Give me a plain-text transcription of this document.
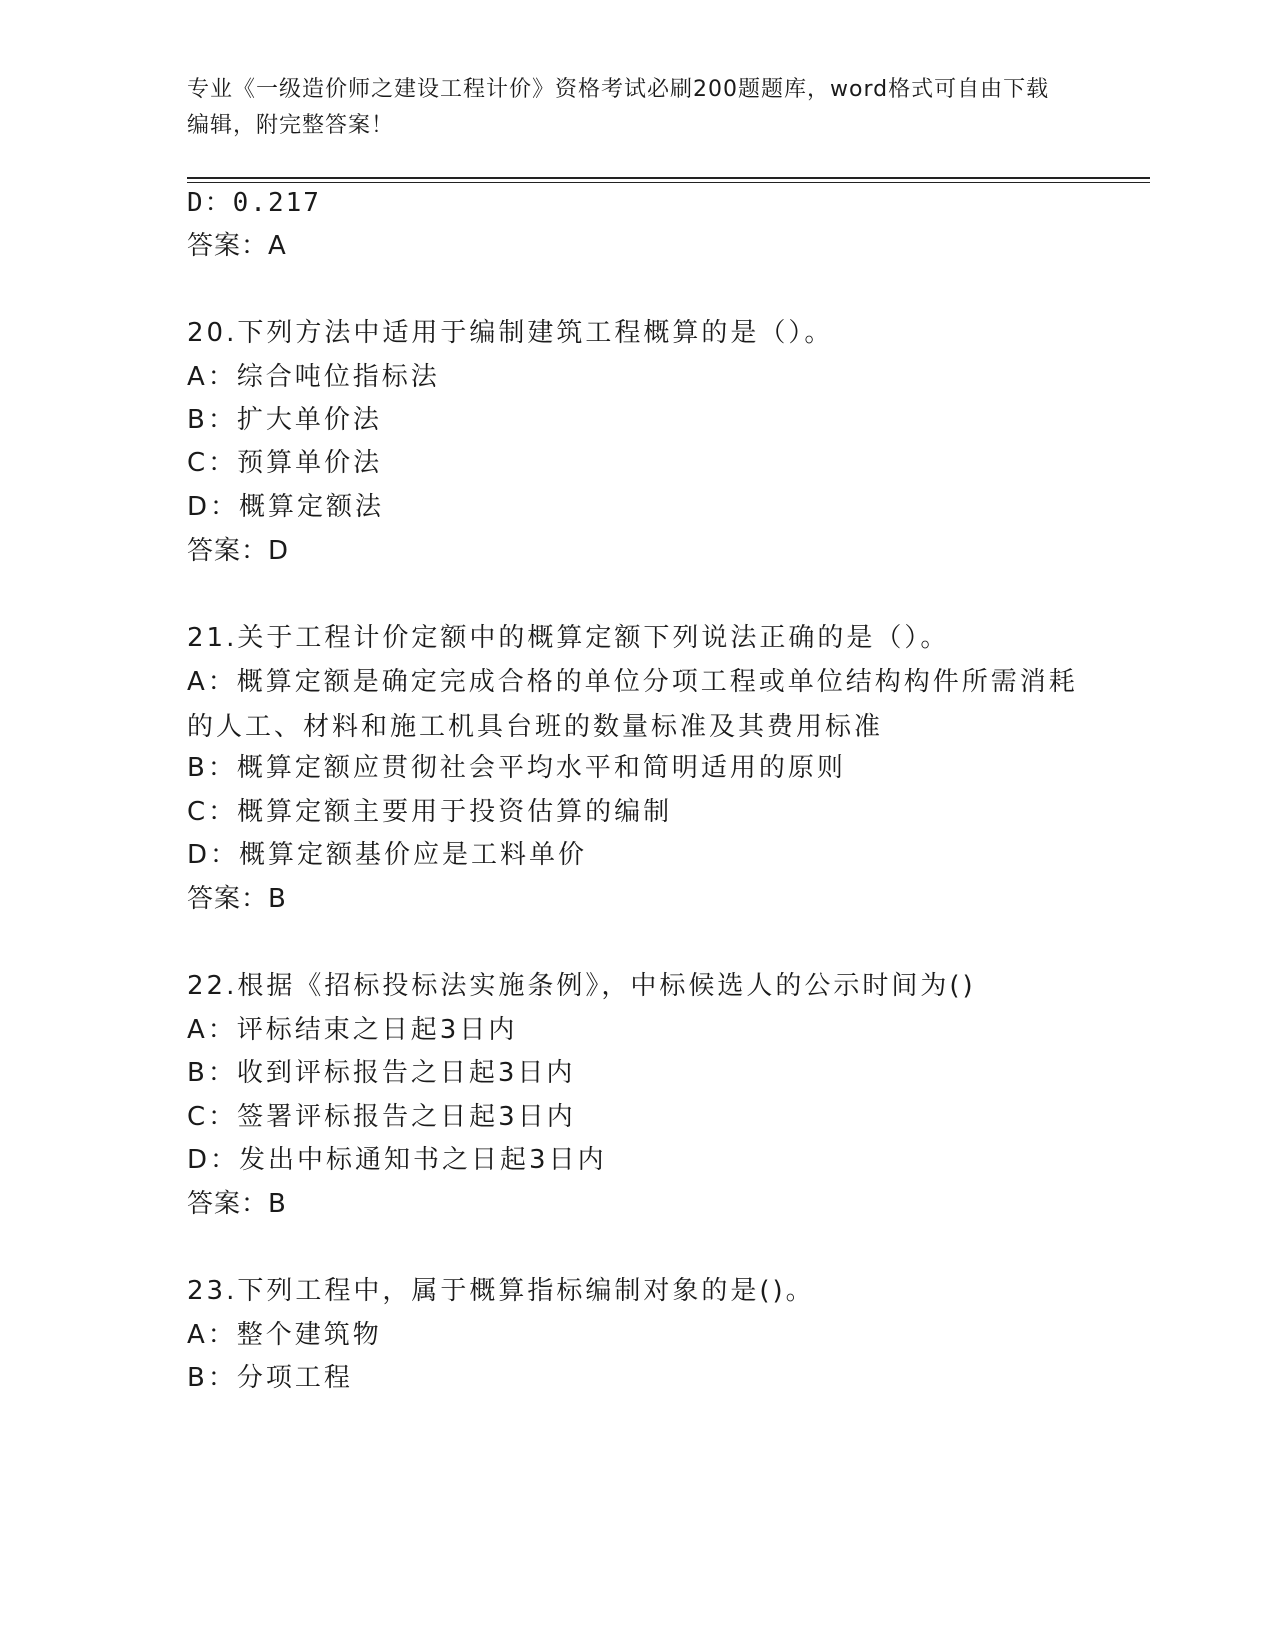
专业《一级造价师之建设工程计价》资格考试必刷200题题库，word格式可自由下载编辑，附完整答案！
D：0.217
答案：A
20.下列方法中适用于编制建筑工程概算的是（）。
A：综合吨位指标法
B：扩大单价法
C：预算单价法
D：概算定额法
答案：D
21.关于工程计价定额中的概算定额下列说法正确的是（）。
A：概算定额是确定完成合格的单位分项工程或单位结构构件所需消耗的人工、材料和施工机具台班的数量标准及其费用标准
B：概算定额应贯彻社会平均水平和简明适用的原则
C：概算定额主要用于投资估算的编制
D：概算定额基价应是工料单价
答案：B
22.根据《招标投标法实施条例》，中标候选人的公示时间为()
A：评标结束之日起3日内
B：收到评标报告之日起3日内
C：签署评标报告之日起3日内
D：发出中标通知书之日起3日内
答案：B
23.下列工程中，属于概算指标编制对象的是()。
A：整个建筑物
B：分项工程
